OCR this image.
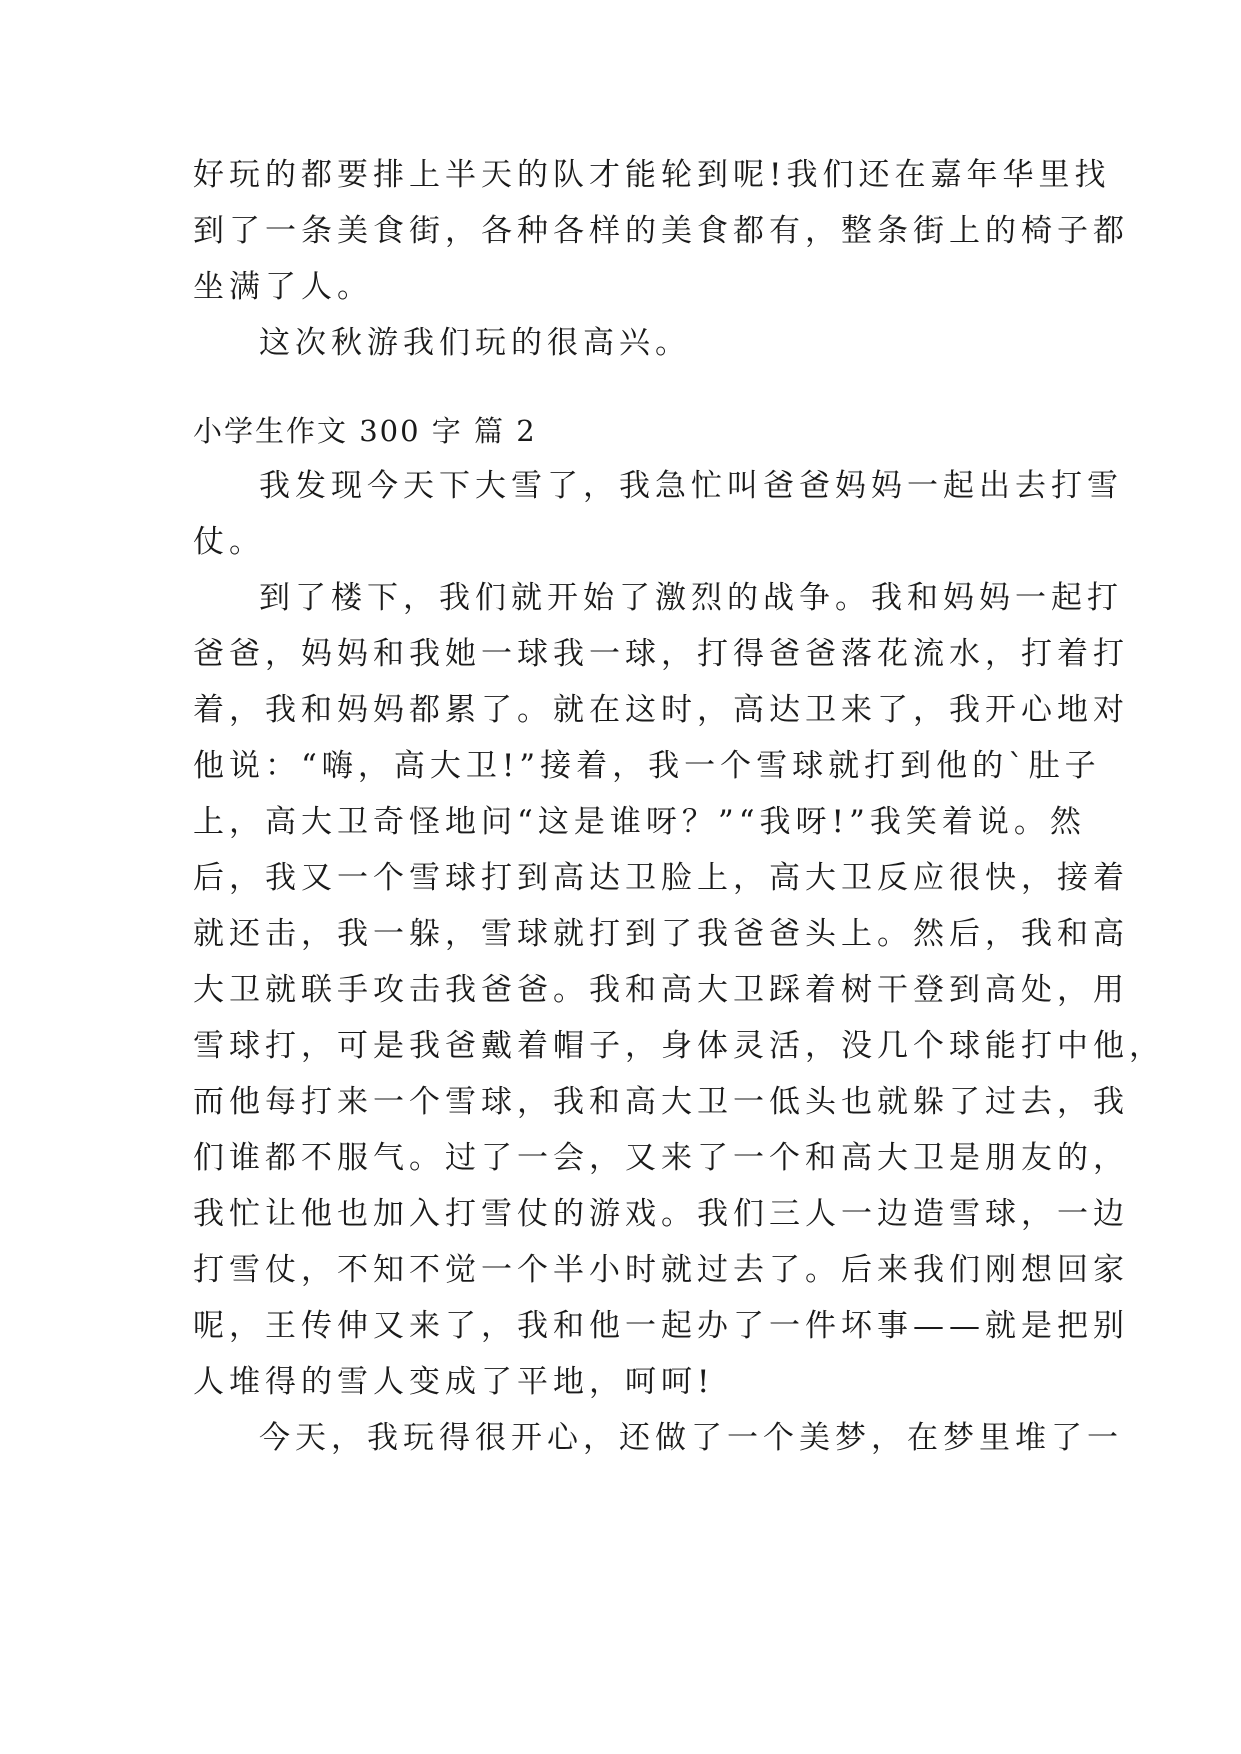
好玩的都要排上半天的队才能轮到呢!我们还在嘉年华里找
到了一条美食街，各种各样的美食都有，整条街上的椅子都
坐满了人。
这次秋游我们玩的很高兴。
小学生作文 300 字 篇 2
我发现今天下大雪了，我急忙叫爸爸妈妈一起出去打雪
仗。
到了楼下，我们就开始了激烈的战争。我和妈妈一起打
爸爸，妈妈和我她一球我一球，打得爸爸落花流水，打着打
着，我和妈妈都累了。就在这时，高达卫来了，我开心地对
他说：“嗨，高大卫!”接着，我一个雪球就打到他的`肚子
上，高大卫奇怪地问“这是谁呀？”“我呀!”我笑着说。然
后，我又一个雪球打到高达卫脸上，高大卫反应很快，接着
就还击，我一躲，雪球就打到了我爸爸头上。然后，我和高
大卫就联手攻击我爸爸。我和高大卫踩着树干登到高处，用
雪球打，可是我爸戴着帽子，身体灵活，没几个球能打中他，
而他每打来一个雪球，我和高大卫一低头也就躲了过去，我
们谁都不服气。过了一会，又来了一个和高大卫是朋友的，
我忙让他也加入打雪仗的游戏。我们三人一边造雪球，一边
打雪仗，不知不觉一个半小时就过去了。后来我们刚想回家
呢，王传伸又来了，我和他一起办了一件坏事——就是把别
人堆得的雪人变成了平地，呵呵!
今天，我玩得很开心，还做了一个美梦，在梦里堆了一
